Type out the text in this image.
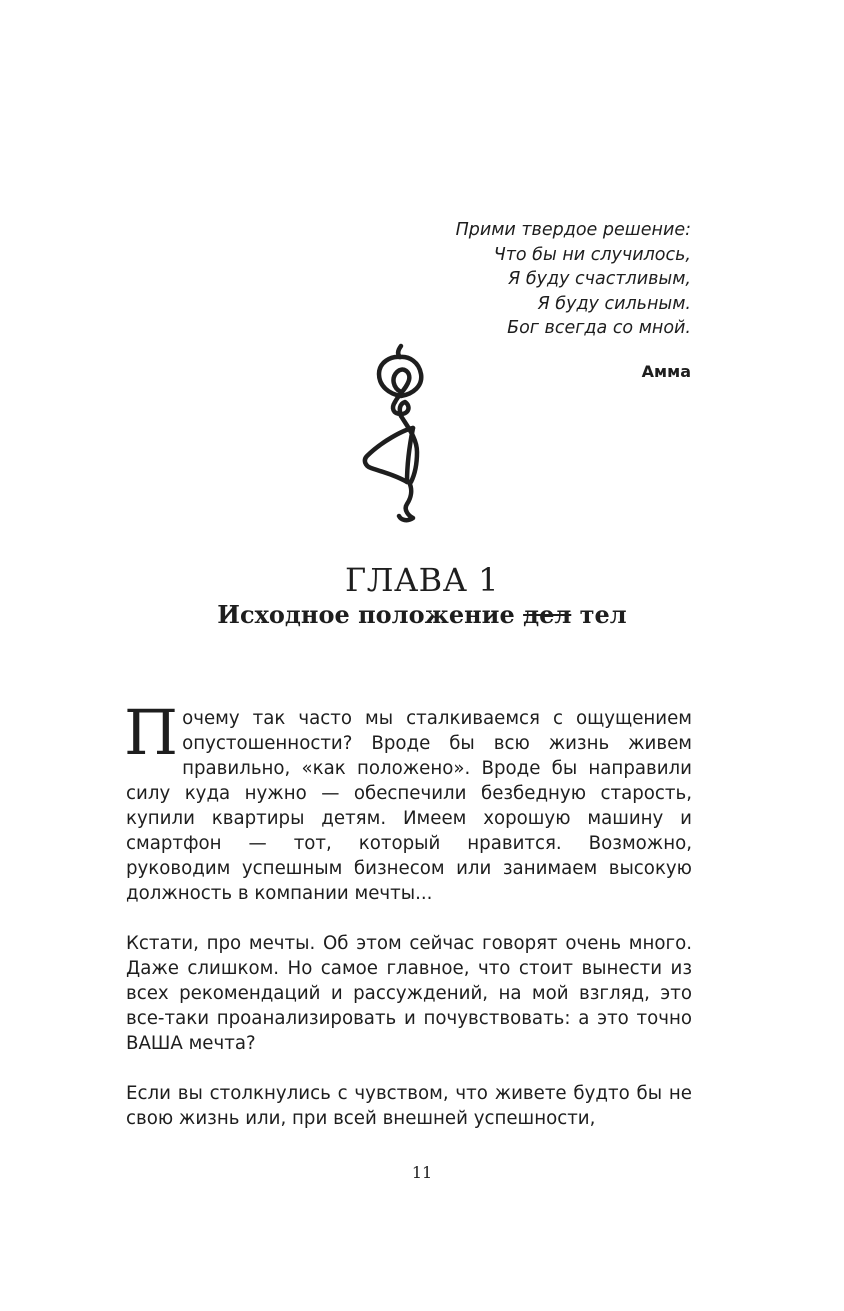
Прими твердое решение:
Что бы ни случилось,
Я буду счастливым,
Я буду сильным.
Бог всегда со мной.
Амма
ГЛАВА 1
Исходное положение дел тел
Почему так часто мы сталкиваемся с ощущением опустошенности? Вроде бы всю жизнь живем правильно, «как положено». Вроде бы направили силу куда нужно — обеспечили безбедную старость, купили квартиры детям. Имеем хорошую машину и смартфон — тот, который нравится. Возможно, руководим успешным бизнесом или занимаем высокую должность в компании мечты...
Кстати, про мечты. Об этом сейчас говорят очень много. Даже слишком. Но самое главное, что стоит вынести из всех рекомендаций и рассуждений, на мой взгляд, это все-таки проанализировать и почувствовать: а это точно ВАША мечта?
Если вы столкнулись с чувством, что живете будто бы не свою жизнь или, при всей внешней успешности,
11
